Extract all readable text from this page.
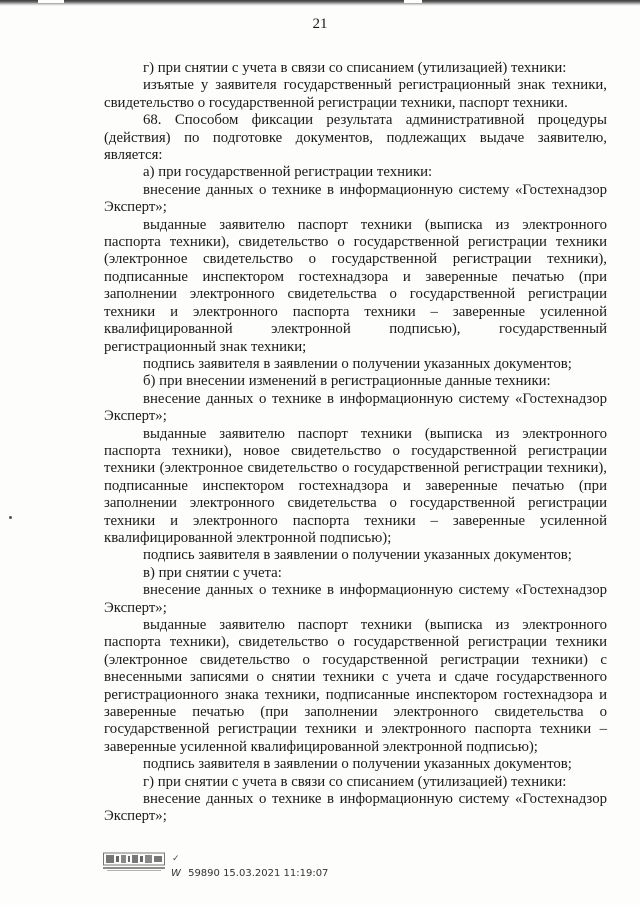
21

г) при снятии с учета в связи со списанием (утилизацией) техники:

изъятые у заявителя государственный регистрационный знак техники, свидетельство о государственной регистрации техники, паспорт техники.

68. Способом фиксации результата административной процедуры (действия) по подготовке документов, подлежащих выдаче заявителю, является:

а) при государственной регистрации техники:

внесение данных о технике в информационную систему «Гостехнадзор Эксперт»;

выданные заявителю паспорт техники (выписка из электронного паспорта техники), свидетельство о государственной регистрации техники (электронное свидетельство о государственной регистрации техники), подписанные инспектором гостехнадзора и заверенные печатью (при заполнении электронного свидетельства о государственной регистрации техники и электронного паспорта техники – заверенные усиленной квалифицированной электронной подписью), государственный регистрационный знак техники;

подпись заявителя в заявлении о получении указанных документов;

б) при внесении изменений в регистрационные данные техники:

внесение данных о технике в информационную систему «Гостехнадзор Эксперт»;

выданные заявителю паспорт техники (выписка из электронного паспорта техники), новое свидетельство о государственной регистрации техники (электронное свидетельство о государственной регистрации техники), подписанные инспектором гостехнадзора и заверенные печатью (при заполнении электронного свидетельства о государственной регистрации техники и электронного паспорта техники – заверенные усиленной квалифицированной электронной подписью);

подпись заявителя в заявлении о получении указанных документов;

в) при снятии с учета:

внесение данных о технике в информационную систему «Гостехнадзор Эксперт»;

выданные заявителю паспорт техники (выписка из электронного паспорта техники), свидетельство о государственной регистрации техники (электронное свидетельство о государственной регистрации техники) с внесенными записями о снятии техники с учета и сдаче государственного регистрационного знака техники, подписанные инспектором гостехнадзора и заверенные печатью (при заполнении электронного свидетельства о государственной регистрации техники и электронного паспорта техники – заверенные усиленной квалифицированной электронной подписью);

подпись заявителя в заявлении о получении указанных документов;

г) при снятии с учета в связи со списанием (утилизацией) техники:

внесение данных о технике в информационную систему «Гостехнадзор Эксперт»;

✓
W 59890 15.03.2021 11:19:07
